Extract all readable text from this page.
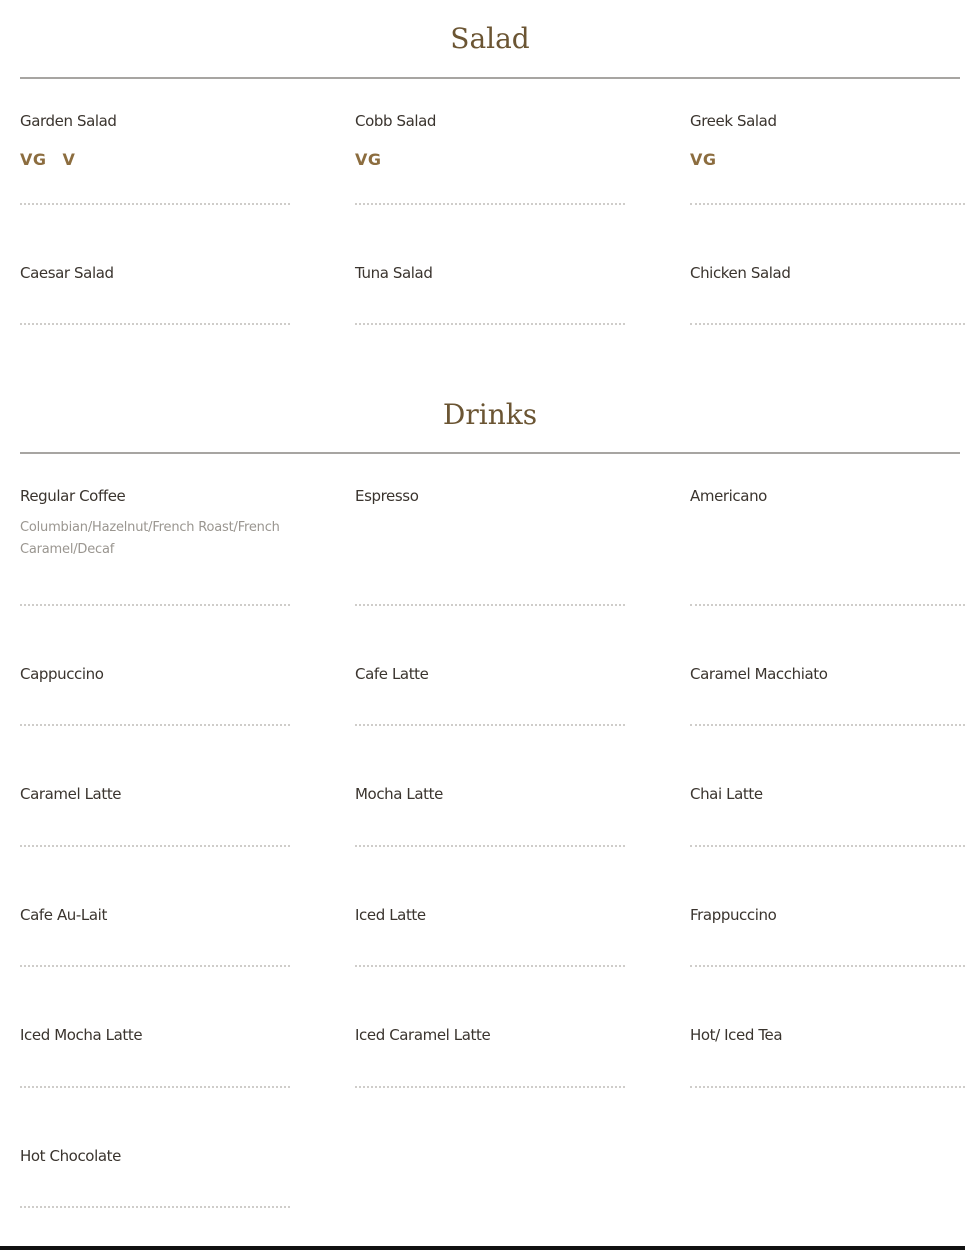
Salad
Garden Salad
VG V
Cobb Salad
VG
Greek Salad
VG
Caesar Salad	Tuna Salad	Chicken Salad
Drinks
Regular Coffee
Columbian/Hazelnut/French Roast/French Caramel/Decaf
Espresso	Americano
Cappuccino	Cafe Latte	Caramel Macchiato
Caramel Latte	Mocha Latte	Chai Latte
Cafe Au-Lait	Iced Latte	Frappuccino
Iced Mocha Latte	Iced Caramel Latte	Hot/ Iced Tea
Hot Chocolate
